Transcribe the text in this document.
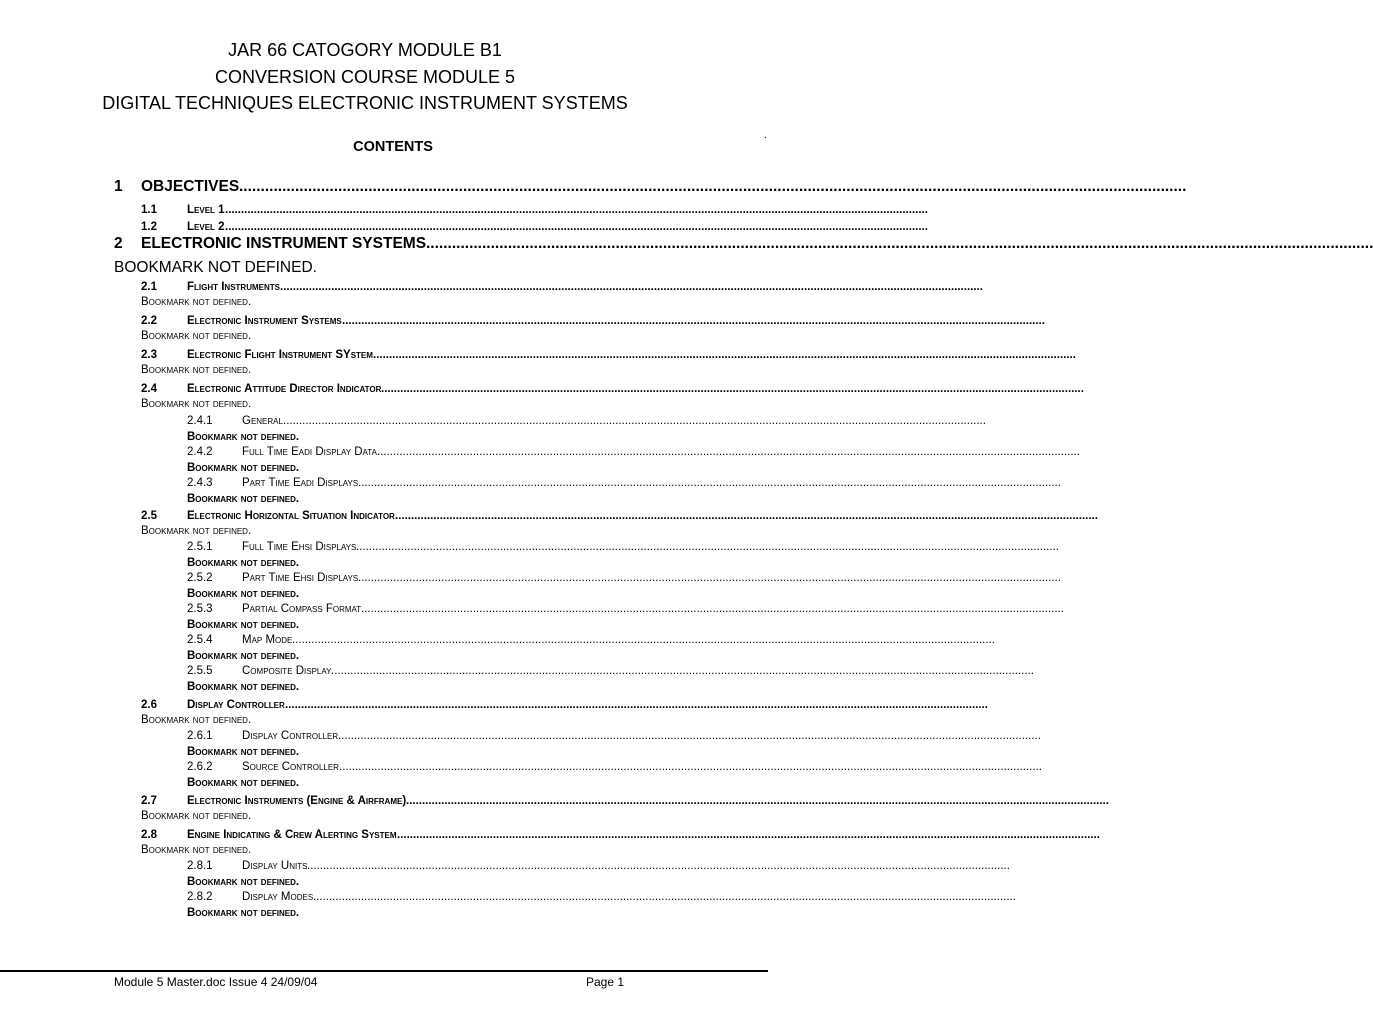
JAR 66 CATOGORY MODULE B1
CONVERSION COURSE MODULE 5
DIGITAL TECHNIQUES ELECTRONIC INSTRUMENT SYSTEMS
.
CONTENTS
1 OBJECTIVES ............................................................................................................................................................................................................................
1.1	Level 1 ............................................................................................................................................................................................................................
1.2	Level 2 ............................................................................................................................................................................................................................
2 ELECTRONIC INSTRUMENT SYSTEMS ............................................................................................................................................................................................................................
BOOKMARK NOT DEFINED.
2.1	Flight Instruments ............................................................................................................................................................................................................................
Bookmark not defined.
2.2	Electronic Instrument Systems ............................................................................................................................................................................................................................
Bookmark not defined.
2.3	Electronic Flight Instrument SYstem ............................................................................................................................................................................................................................
Bookmark not defined.
2.4	Electronic Attitude Director Indicator ............................................................................................................................................................................................................................
Bookmark not defined.
2.4.1	General ............................................................................................................................................................................................................................
Bookmark not defined.
2.4.2	Full Time Eadi Display Data ............................................................................................................................................................................................................................
Bookmark not defined.
2.4.3	Part Time Eadi Displays ............................................................................................................................................................................................................................
Bookmark not defined.
2.5	Electronic Horizontal Situation Indicator ............................................................................................................................................................................................................................
Bookmark not defined.
2.5.1	Full Time Ehsi Displays ............................................................................................................................................................................................................................
Bookmark not defined.
2.5.2	Part Time Ehsi Displays ............................................................................................................................................................................................................................
Bookmark not defined.
2.5.3	Partial Compass Format ............................................................................................................................................................................................................................
Bookmark not defined.
2.5.4	Map Mode ............................................................................................................................................................................................................................
Bookmark not defined.
2.5.5	Composite Display ............................................................................................................................................................................................................................
Bookmark not defined.
2.6	Display Controller ............................................................................................................................................................................................................................
Bookmark not defined.
2.6.1	Display Controller ............................................................................................................................................................................................................................
Bookmark not defined.
2.6.2	Source Controller ............................................................................................................................................................................................................................
Bookmark not defined.
2.7	Electronic Instruments (Engine & Airframe) ............................................................................................................................................................................................................................
Bookmark not defined.
2.8	Engine Indicating & Crew Alerting System ............................................................................................................................................................................................................................
Bookmark not defined.
2.8.1	Display Units ............................................................................................................................................................................................................................
Bookmark not defined.
2.8.2	Display Modes ............................................................................................................................................................................................................................
Bookmark not defined.
Module 5 Master.doc Issue 4 24/09/04	Page 1
